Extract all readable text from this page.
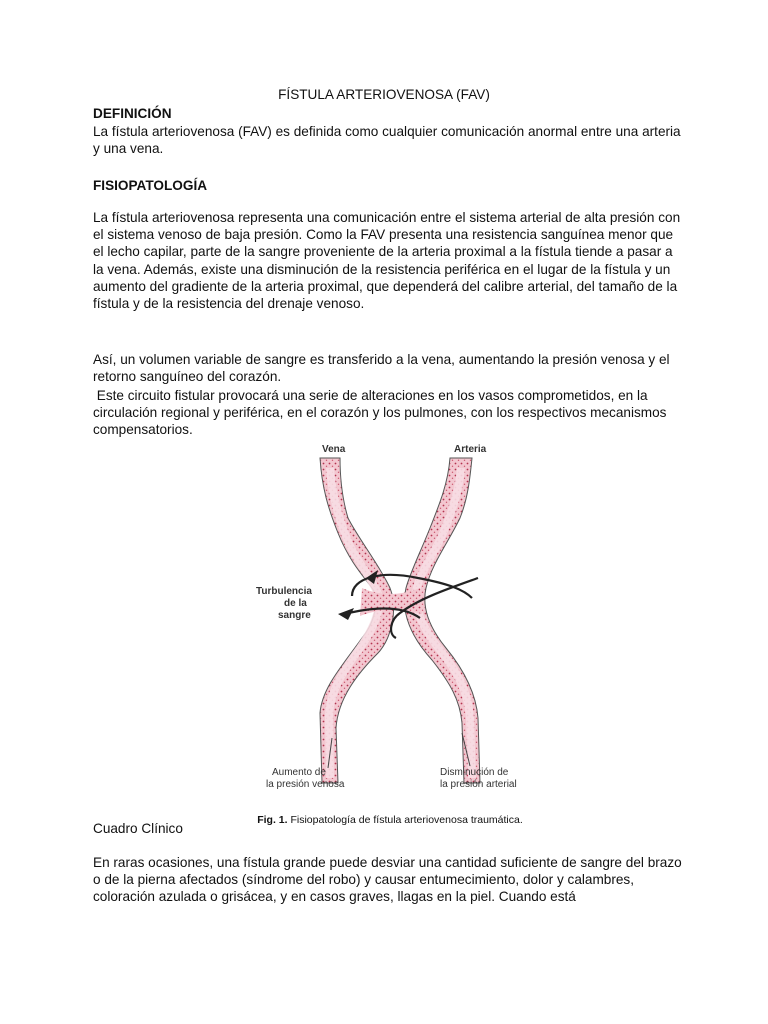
FÍSTULA ARTERIOVENOSA (FAV)

DEFINICIÓN

La fístula arteriovenosa (FAV) es definida como cualquier comunicación anormal entre una arteria y una vena.

FISIOPATOLOGÍA

La fístula arteriovenosa representa una comunicación entre el sistema arterial de alta presión con el sistema venoso de baja presión. Como la FAV presenta una resistencia sanguínea menor que el lecho capilar, parte de la sangre proveniente de la arteria proximal a la fístula tiende a pasar a la vena. Además, existe una disminución de la resistencia periférica en el lugar de la fístula y un aumento del gradiente de la arteria proximal, que dependerá del calibre arterial, del tamaño de la fístula y de la resistencia del drenaje venoso.

Así, un volumen variable de sangre es transferido a la vena, aumentando la presión venosa y el retorno sanguíneo del corazón.

Este circuito fistular provocará una serie de alteraciones en los vasos comprometidos, en la circulación regional y periférica, en el corazón y los pulmones, con los respectivos mecanismos compensatorios.

Vena	Arteria
Turbulencia
de la
sangre
Aumento de
la presión venosa
Disminución de
la presión arterial

Fig. 1. Fisiopatología de fístula arteriovenosa traumática.

Cuadro Clínico

En raras ocasiones, una fístula grande puede desviar una cantidad suficiente de sangre del brazo o de la pierna afectados (síndrome del robo) y causar entumecimiento, dolor y calambres, coloración azulada o grisácea, y en casos graves, llagas en la piel. Cuando está
